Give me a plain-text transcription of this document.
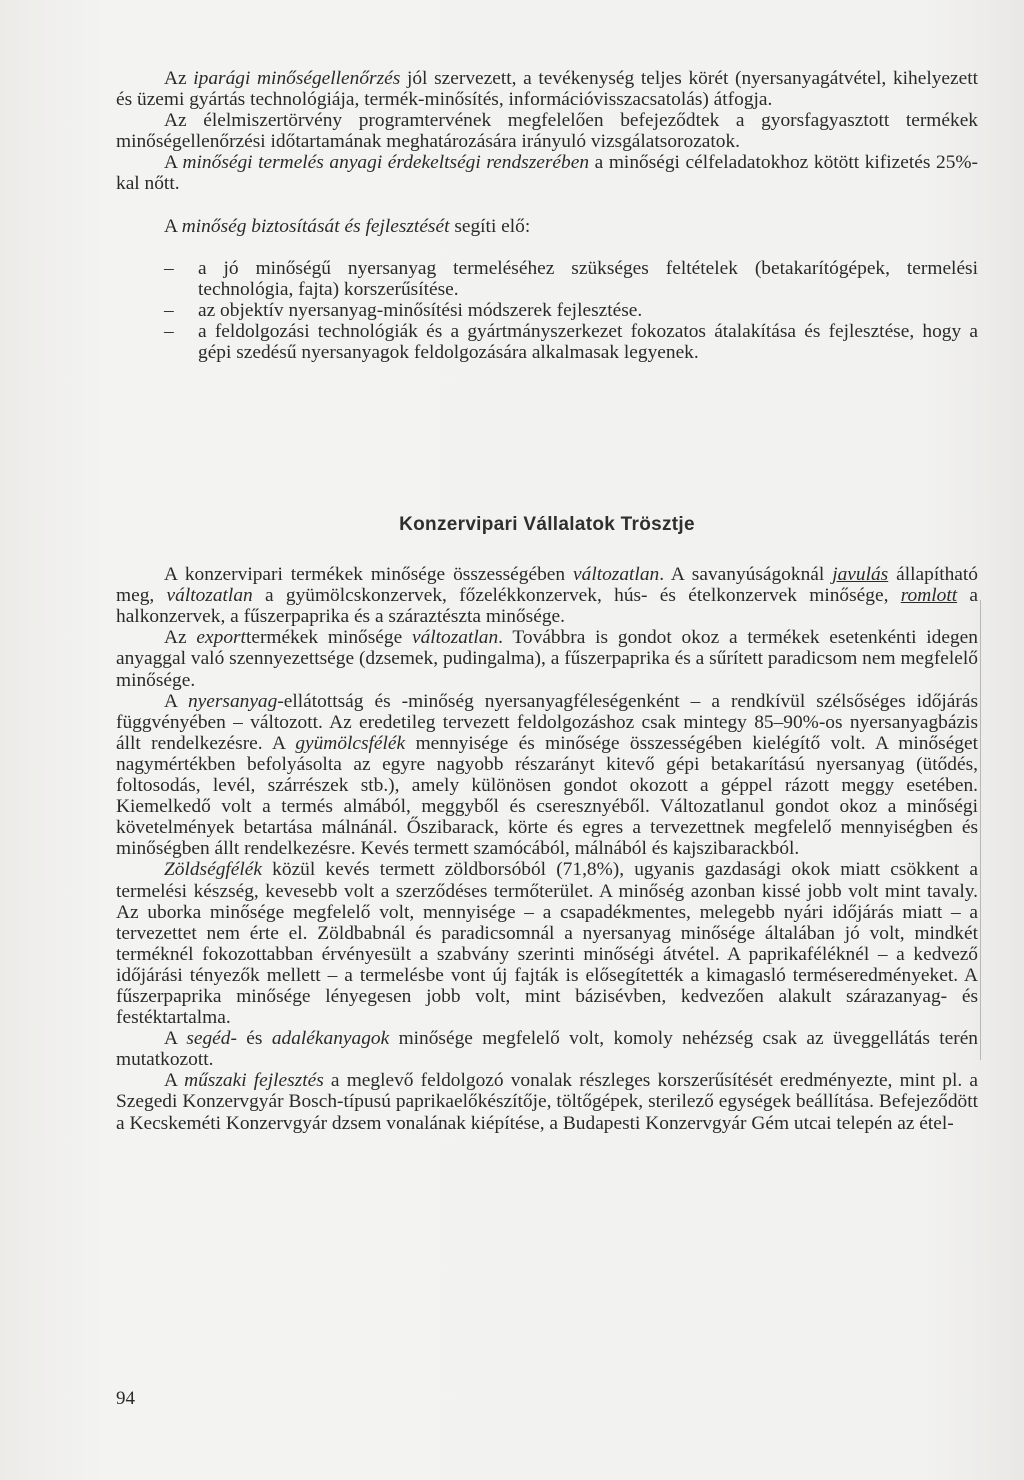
Az iparági minőségellenőrzés jól szervezett, a tevékenység teljes körét (nyersanyagátvétel, kihelyezett és üzemi gyártás technológiája, termék-minősítés, információvisszacsatolás) átfogja.

Az élelmiszertörvény programtervének megfelelően befejeződtek a gyorsfagyasztott termékek minőségellenőrzési időtartamának meghatározására irányuló vizsgálatsorozatok.

A minőségi termelés anyagi érdekeltségi rendszerében a minőségi célfeladatokhoz kötött kifizetés 25%-kal nőtt.

A minőség biztosítását és fejlesztését segíti elő:

– a jó minőségű nyersanyag termeléséhez szükséges feltételek (betakarítógépek, termelési technológia, fajta) korszerűsítése.
– az objektív nyersanyag-minősítési módszerek fejlesztése.
– a feldolgozási technológiák és a gyártmányszerkezet fokozatos átalakítása és fejlesztése, hogy a gépi szedésű nyersanyagok feldolgozására alkalmasak legyenek.
Konzervipari Vállalatok Trösztje

A konzervipari termékek minősége összességében változatlan. A savanyúságoknál javulás állapítható meg, változatlan a gyümölcskonzervek, főzelékkonzervek, hús- és ételkonzervek minősége, romlott a halkonzervek, a fűszerpaprika és a száraztészta minősége.

Az exporttermékek minősége változatlan. Továbbra is gondot okoz a termékek esetenkénti idegen anyaggal való szennyezettsége (dzsemek, pudingalma), a fűszerpaprika és a sűrített paradicsom nem megfelelő minősége.

A nyersanyag-ellátottság és -minőség nyersanyagféleségenként – a rendkívül szélsőséges időjárás függvényében – változott. Az eredetileg tervezett feldolgozáshoz csak mintegy 85–90%-os nyersanyagbázis állt rendelkezésre. A gyümölcsfélék mennyisége és minősége összességében kielégítő volt. A minőséget nagymértékben befolyásolta az egyre nagyobb részarányt kitevő gépi betakarítású nyersanyag (ütődés, foltosodás, levél, szárrészek stb.), amely különösen gondot okozott a géppel rázott meggy esetében. Kiemelkedő volt a termés almából, meggyből és cseresznyéből. Változatlanul gondot okoz a minőségi követelmények betartása málnánál. Őszibarack, körte és egres a tervezettnek megfelelő mennyiségben és minőségben állt rendelkezésre. Kevés termett szamócából, málnából és kajszibarackból.

Zöldségfélék közül kevés termett zöldborsóból (71,8%), ugyanis gazdasági okok miatt csökkent a termelési készség, kevesebb volt a szerződéses termőterület. A minőség azonban kissé jobb volt mint tavaly. Az uborka minősége megfelelő volt, mennyisége – a csapadékmentes, melegebb nyári időjárás miatt – a tervezettet nem érte el. Zöldbabnál és paradicsomnál a nyersanyag minősége általában jó volt, mindkét terméknél fokozottabban érvényesült a szabvány szerinti minőségi átvétel. A paprikaféléknél – a kedvező időjárási tényezők mellett – a termelésbe vont új fajták is elősegítették a kimagasló terméseredményeket. A fűszerpaprika minősége lényegesen jobb volt, mint bázisévben, kedvezően alakult szárazanyag- és festéktartalma.

A segéd- és adalékanyagok minősége megfelelő volt, komoly nehézség csak az üveggellátás terén mutatkozott.

A műszaki fejlesztés a meglevő feldolgozó vonalak részleges korszerűsítését eredményezte, mint pl. a Szegedi Konzervgyár Bosch-típusú paprikaelőkészítője, töltőgépek, sterilező egységek beállítása. Befejeződött a Kecskeméti Konzervgyár dzsem vonalának kiépítése, a Budapesti Konzervgyár Gém utcai telepén az étel-

94
